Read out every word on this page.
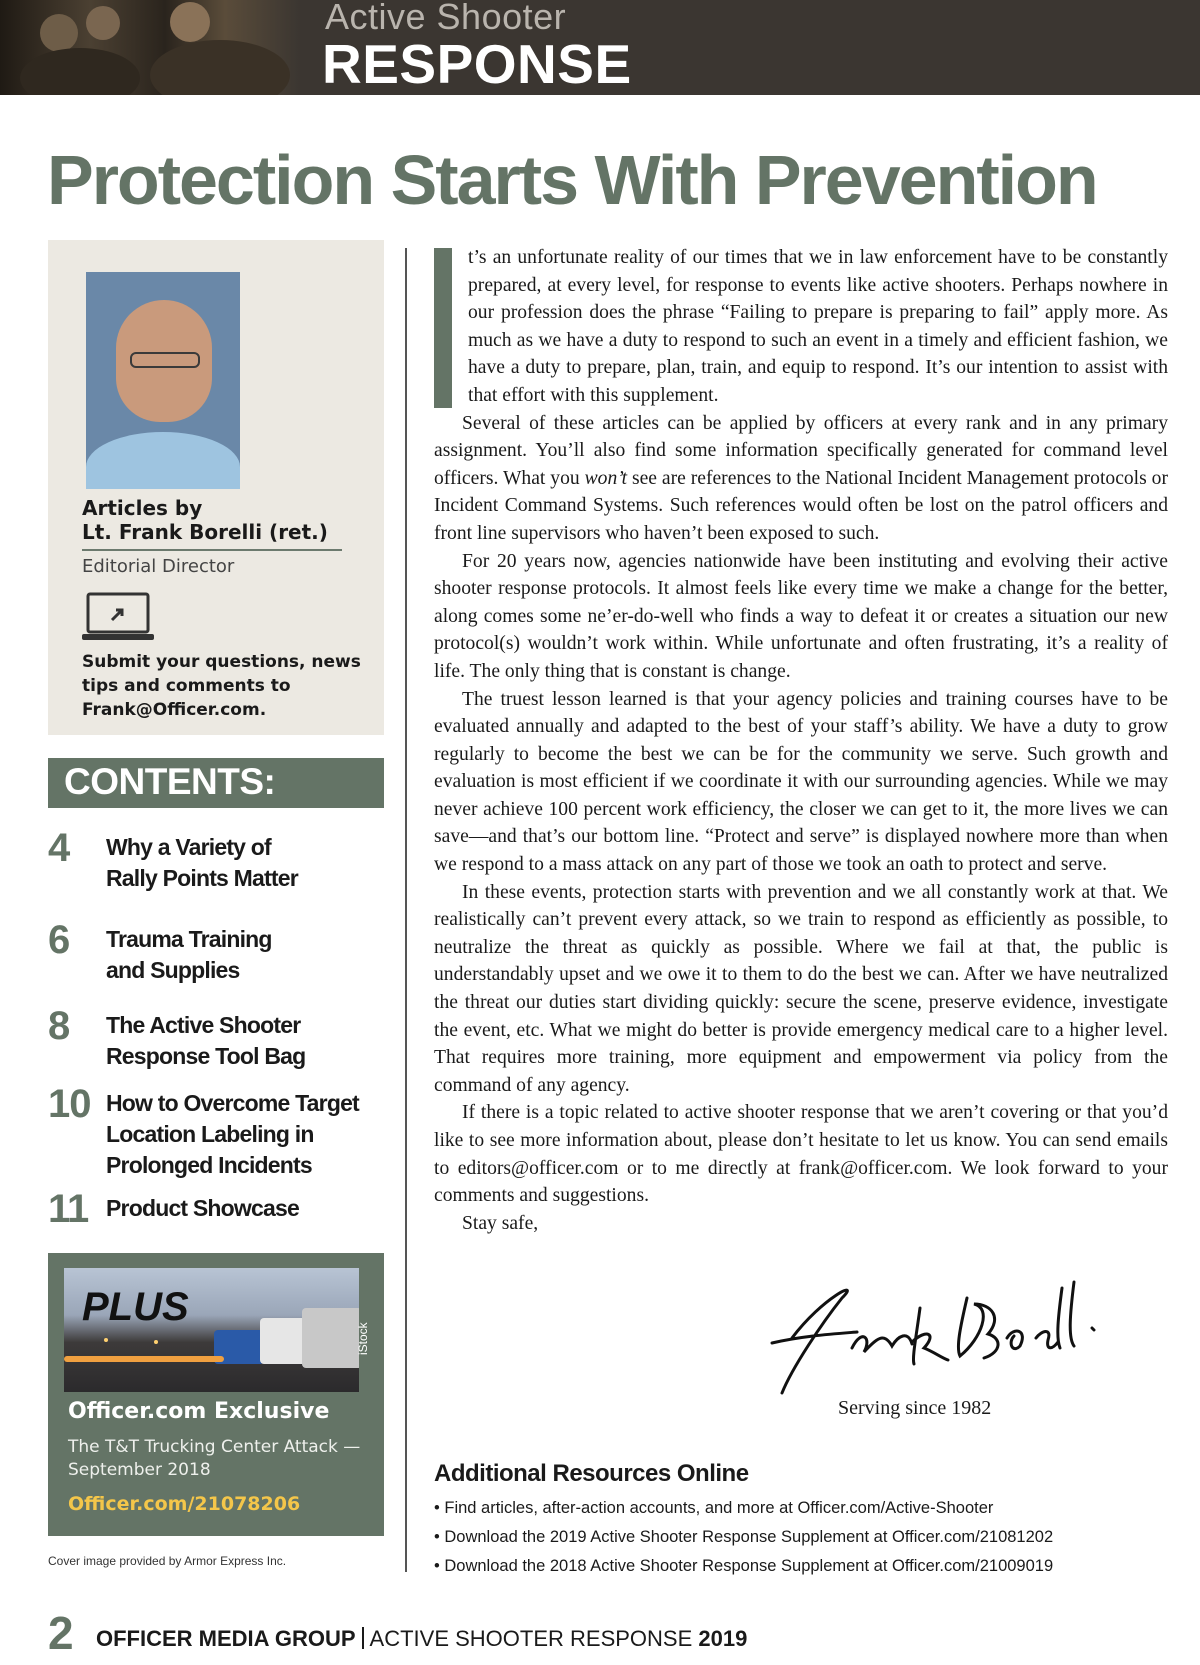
Active Shooter
RESPONSE
Protection Starts With Prevention
Articles by
Lt. Frank Borelli (ret.)
Editorial Director
Submit your questions, news tips and comments to Frank@Officer.com.
CONTENTS:
4 Why a Variety of
Rally Points Matter
6 Trauma Training
and Supplies
8 The Active Shooter
Response Tool Bag
10 How to Overcome Target
Location Labeling in
Prolonged Incidents
11 Product Showcase
PLUS
Officer.com Exclusive
The T&T Trucking Center Attack — September 2018
Officer.com/21078206
iStock
Cover image provided by Armor Express Inc.

t’s an unfortunate reality of our times that we in law enforcement have to be constantly prepared, at every level, for response to events like active shooters. Perhaps nowhere in our profession does the phrase “Failing to prepare is preparing to fail” apply more. As much as we have a duty to respond to such an event in a timely and efficient fashion, we have a duty to prepare, plan, train, and equip to respond. It’s our intention to assist with that effort with this supplement.

Several of these articles can be applied by officers at every rank and in any primary assignment. You’ll also find some information specifically generated for command level officers. What you won’t see are references to the National Incident Management protocols or Incident Command Systems. Such references would often be lost on the patrol officers and front line supervisors who haven’t been exposed to such.

For 20 years now, agencies nationwide have been instituting and evolving their active shooter response protocols. It almost feels like every time we make a change for the better, along comes some ne’er-do-well who finds a way to defeat it or creates a situation our new protocol(s) wouldn’t work within. While unfortunate and often frustrating, it’s a reality of life. The only thing that is constant is change.

The truest lesson learned is that your agency policies and training courses have to be evaluated annually and adapted to the best of your staff’s ability. We have a duty to grow regularly to become the best we can be for the community we serve. Such growth and evaluation is most efficient if we coordinate it with our surrounding agencies. While we may never achieve 100 percent work efficiency, the closer we can get to it, the more lives we can save—and that’s our bottom line. “Protect and serve” is displayed nowhere more than when we respond to a mass attack on any part of those we took an oath to protect and serve.

In these events, protection starts with prevention and we all constantly work at that. We realistically can’t prevent every attack, so we train to respond as efficiently as possible, to neutralize the threat as quickly as possible. Where we fail at that, the public is understandably upset and we owe it to them to do the best we can. After we have neutralized the threat our duties start dividing quickly: secure the scene, preserve evidence, investigate the event, etc. What we might do better is provide emergency medical care to a higher level. That requires more training, more equipment and empowerment via policy from the command of any agency.

If there is a topic related to active shooter response that we aren’t covering or that you’d like to see more information about, please don’t hesitate to let us know. You can send emails to editors@officer.com or to me directly at frank@officer.com. We look forward to your comments and suggestions.

Stay safe,

Serving since 1982
Additional Resources Online
• Find articles, after-action accounts, and more at Officer.com/Active-Shooter
• Download the 2019 Active Shooter Response Supplement at Officer.com/21081202
• Download the 2018 Active Shooter Response Supplement at Officer.com/21009019
2 OFFICER MEDIA GROUP ACTIVE SHOOTER RESPONSE 2019
